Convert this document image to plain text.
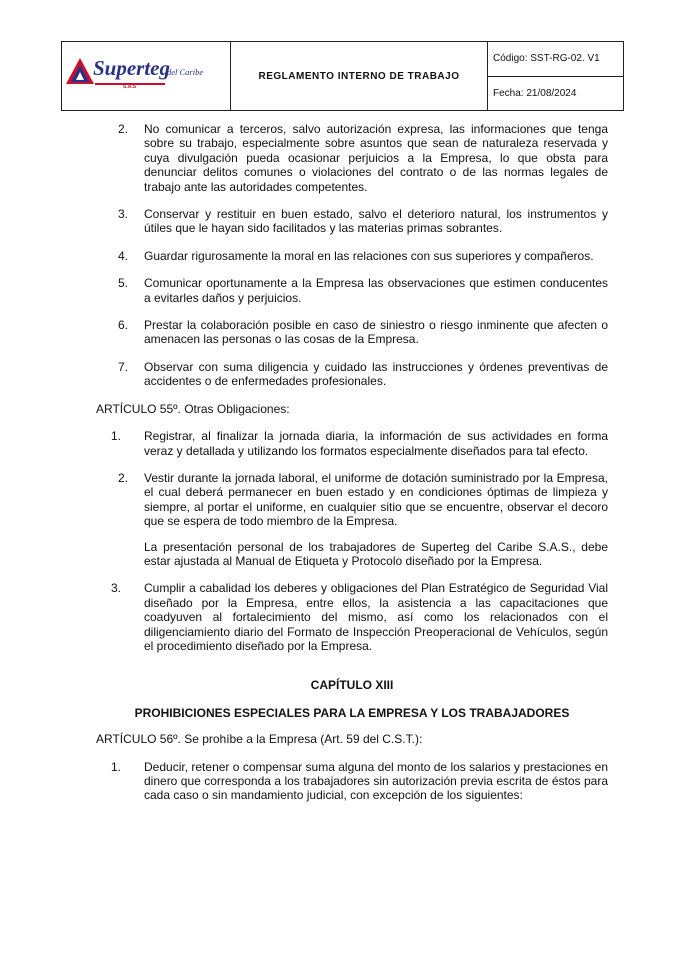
Superteg
del Caribe
S.A.S
REGLAMENTO INTERNO DE TRABAJO
Código: SST-RG-02. V1
Fecha: 21/08/2024
2. No comunicar a terceros, salvo autorización expresa, las informaciones que tenga sobre su trabajo, especialmente sobre asuntos que sean de naturaleza reservada y cuya divulgación pueda ocasionar perjuicios a la Empresa, lo que obsta para denunciar delitos comunes o violaciones del contrato o de las normas legales de trabajo ante las autoridades competentes.
3. Conservar y restituir en buen estado, salvo el deterioro natural, los instrumentos y útiles que le hayan sido facilitados y las materias primas sobrantes.
4. Guardar rigurosamente la moral en las relaciones con sus superiores y compañeros.
5. Comunicar oportunamente a la Empresa las observaciones que estimen conducentes a evitarles daños y perjuicios.
6. Prestar la colaboración posible en caso de siniestro o riesgo inminente que afecten o amenacen las personas o las cosas de la Empresa.
7. Observar con suma diligencia y cuidado las instrucciones y órdenes preventivas de accidentes o de enfermedades profesionales.
ARTÍCULO 55º. Otras Obligaciones:
1. Registrar, al finalizar la jornada diaria, la información de sus actividades en forma veraz y detallada y utilizando los formatos especialmente diseñados para tal efecto.
2. Vestir durante la jornada laboral, el uniforme de dotación suministrado por la Empresa, el cual deberá permanecer en buen estado y en condiciones óptimas de limpieza y siempre, al portar el uniforme, en cualquier sitio que se encuentre, observar el decoro que se espera de todo miembro de la Empresa.
La presentación personal de los trabajadores de Superteg del Caribe S.A.S., debe estar ajustada al Manual de Etiqueta y Protocolo diseñado por la Empresa.
3. Cumplir a cabalidad los deberes y obligaciones del Plan Estratégico de Seguridad Vial diseñado por la Empresa, entre ellos, la asistencia a las capacitaciones que coadyuven al fortalecimiento del mismo, así como los relacionados con el diligenciamiento diario del Formato de Inspección Preoperacional de Vehículos, según el procedimiento diseñado por la Empresa.
CAPÍTULO XIII
PROHIBICIONES ESPECIALES PARA LA EMPRESA Y LOS TRABAJADORES
ARTÍCULO 56º. Se prohíbe a la Empresa (Art. 59 del C.S.T.):
1. Deducir, retener o compensar suma alguna del monto de los salarios y prestaciones en dinero que corresponda a los trabajadores sin autorización previa escrita de éstos para cada caso o sin mandamiento judicial, con excepción de los siguientes:
